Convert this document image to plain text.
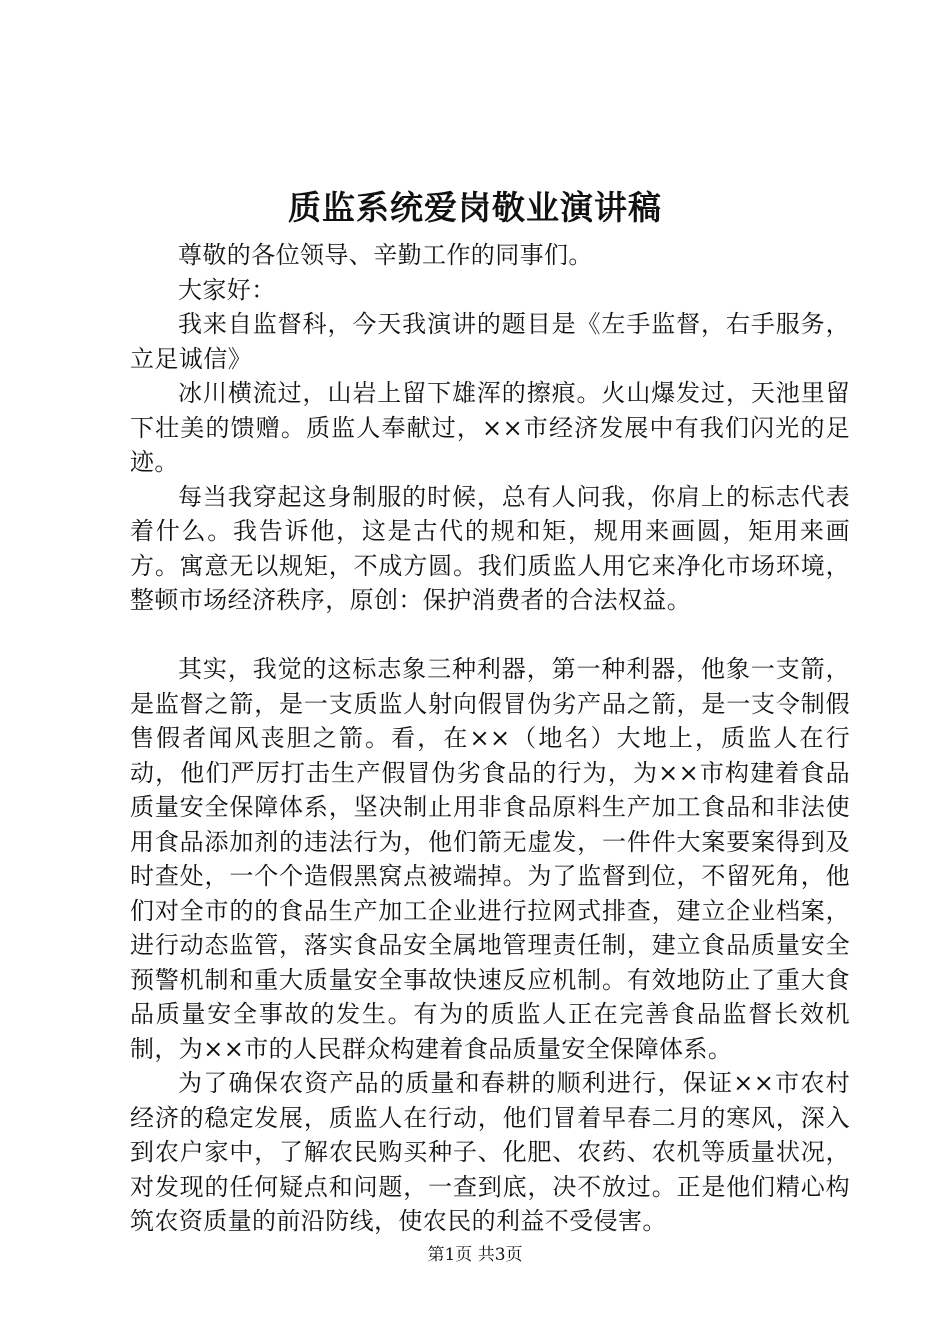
质监系统爱岗敬业演讲稿

尊敬的各位领导、辛勤工作的同事们。

大家好：

我来自监督科，今天我演讲的题目是《左手监督，右手服务，立足诚信》

冰川横流过，山岩上留下雄浑的擦痕。火山爆发过，天池里留下壮美的馈赠。质监人奉献过，××市经济发展中有我们闪光的足迹。

每当我穿起这身制服的时候，总有人问我，你肩上的标志代表着什么。我告诉他，这是古代的规和矩，规用来画圆，矩用来画方。寓意无以规矩，不成方圆。我们质监人用它来净化市场环境，整顿市场经济秩序，原创：保护消费者的合法权益。

其实，我觉的这标志象三种利器，第一种利器，他象一支箭，是监督之箭，是一支质监人射向假冒伪劣产品之箭，是一支令制假售假者闻风丧胆之箭。看，在××（地名）大地上，质监人在行动，他们严厉打击生产假冒伪劣食品的行为，为××市构建着食品质量安全保障体系，坚决制止用非食品原料生产加工食品和非法使用食品添加剂的违法行为，他们箭无虚发，一件件大案要案得到及时查处，一个个造假黑窝点被端掉。为了监督到位，不留死角，他们对全市的的食品生产加工企业进行拉网式排查，建立企业档案，进行动态监管，落实食品安全属地管理责任制，建立食品质量安全预警机制和重大质量安全事故快速反应机制。有效地防止了重大食品质量安全事故的发生。有为的质监人正在完善食品监督长效机制，为××市的人民群众构建着食品质量安全保障体系。

为了确保农资产品的质量和春耕的顺利进行，保证××市农村经济的稳定发展，质监人在行动，他们冒着早春二月的寒风，深入到农户家中，了解农民购买种子、化肥、农药、农机等质量状况，对发现的任何疑点和问题，一查到底，决不放过。正是他们精心构筑农资质量的前沿防线，使农民的利益不受侵害。

第1页 共3页
